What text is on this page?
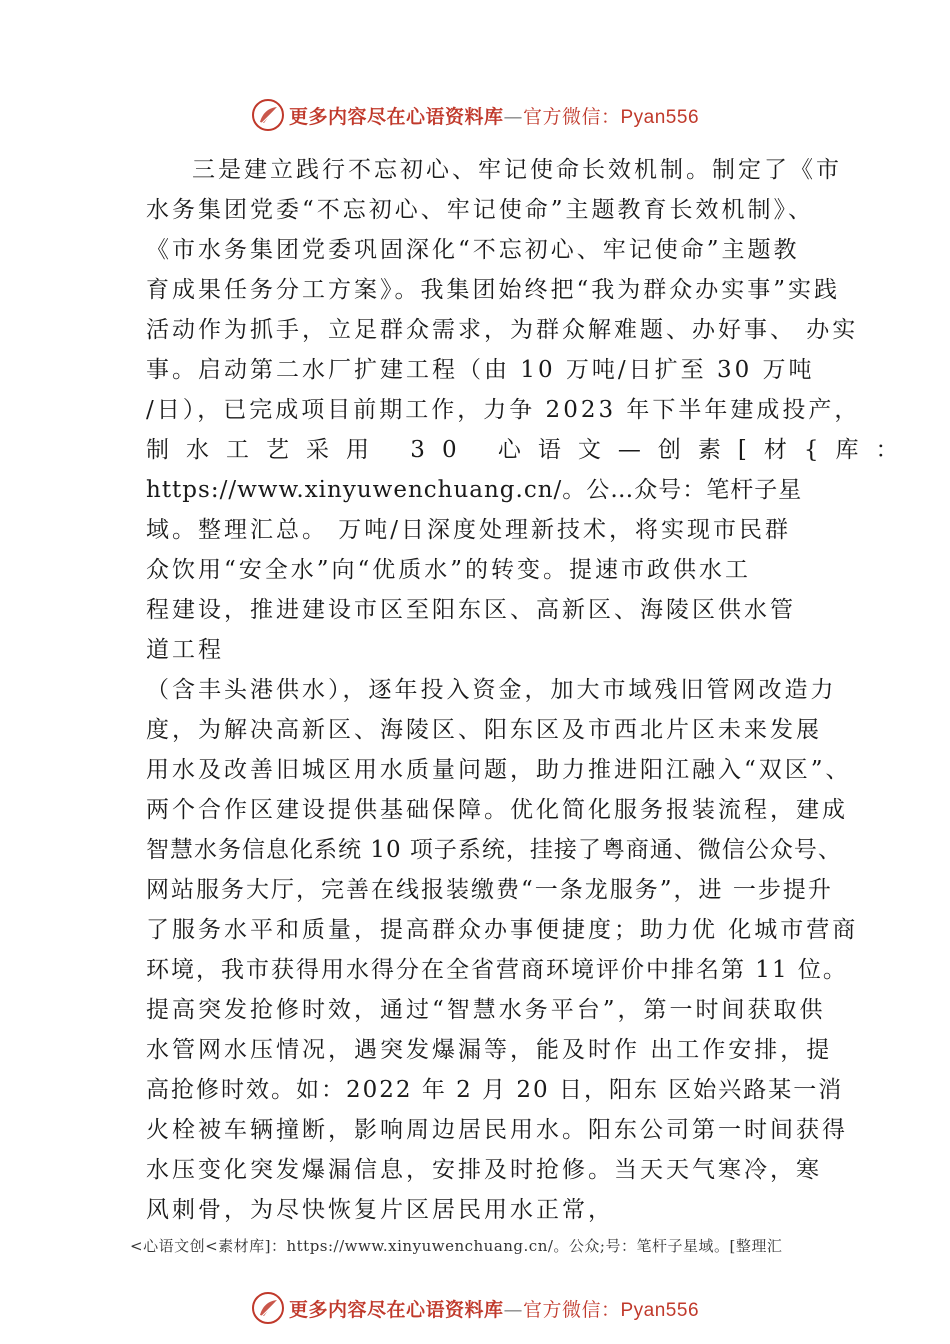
更多内容尽在心语资料库—官方微信：Pyan556
三是建立践行不忘初心、牢记使命长效机制。制定了《市
水务集团党委“不忘初心、牢记使命”主题教育长效机制》、
《市水务集团党委巩固深化“不忘初心、牢记使命”主题教
育成果任务分工方案》。我集团始终把“我为群众办实事”实践
活动作为抓手，立足群众需求，为群众解难题、办好事、 办实
事。启动第二水厂扩建工程（由 10 万吨/日扩至 30 万吨
/日），已完成项目前期工作，力争 2023 年下半年建成投产，
制水工艺采用 30 心语文—创素[材{库：
https://www.xinyuwenchuang.cn/。公…众号：笔杆子星
域。整理汇总。 万吨/日深度处理新技术，将实现市民群
众饮用“安全水”向“优质水”的转变。提速市政供水工
程建设，推进建设市区至阳东区、高新区、海陵区供水管
道工程
（含丰头港供水），逐年投入资金，加大市域残旧管网改造力
度，为解决高新区、海陵区、阳东区及市西北片区未来发展
用水及改善旧城区用水质量问题，助力推进阳江融入“双区”、
两个合作区建设提供基础保障。优化简化服务报装流程，建成
智慧水务信息化系统 10 项子系统，挂接了粤商通、微信公众号、
网站服务大厅，完善在线报装缴费“一条龙服务”，进 一步提升
了服务水平和质量，提高群众办事便捷度；助力优 化城市营商
环境，我市获得用水得分在全省营商环境评价中排名第 11 位。
提高突发抢修时效，通过“智慧水务平台”，第一时间获取供
水管网水压情况，遇突发爆漏等，能及时作 出工作安排，提
高抢修时效。如：2022 年 2 月 20 日，阳东 区始兴路某一消
火栓被车辆撞断，影响周边居民用水。阳东公司第一时间获得
水压变化突发爆漏信息，安排及时抢修。当天天气寒冷，寒
风刺骨，为尽快恢复片区居民用水正常，
<心语文创<素材库]：https://www.xinyuwenchuang.cn/。公众;号：笔杆子星域。[整理汇
更多内容尽在心语资料库—官方微信：Pyan556
